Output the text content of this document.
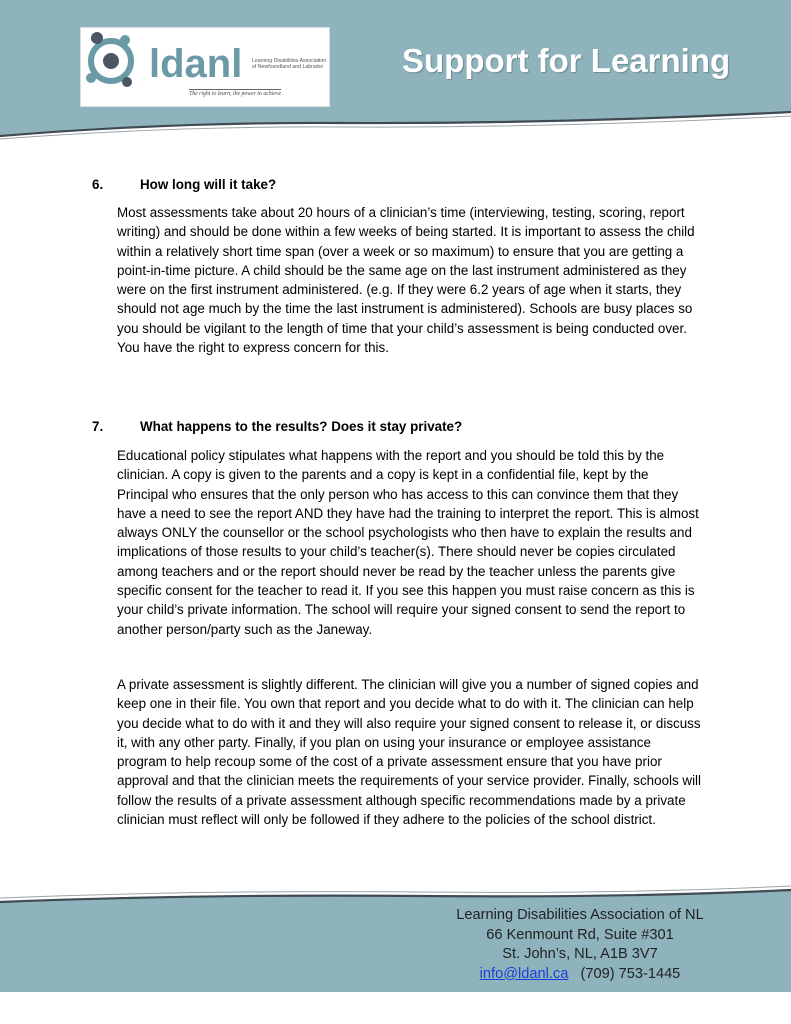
ldanl Learning Disabilities Association of Newfoundland and Labrador
The right to learn, the power to achieve
Support for Learning
6.	How long will it take?

Most assessments take about 20 hours of a clinician’s time (interviewing, testing, scoring, report writing) and should be done within a few weeks of being started. It is important to assess the child within a relatively short time span (over a week or so maximum) to ensure that you are getting a point-in-time picture. A child should be the same age on the last instrument administered as they were on the first instrument administered. (e.g. If they were 6.2 years of age when it starts, they should not age much by the time the last instrument is administered). Schools are busy places so you should be vigilant to the length of time that your child’s assessment is being conducted over. You have the right to express concern for this.

7.	What happens to the results? Does it stay private?

Educational policy stipulates what happens with the report and you should be told this by the clinician. A copy is given to the parents and a copy is kept in a confidential file, kept by the Principal who ensures that the only person who has access to this can convince them that they have a need to see the report AND they have had the training to interpret the report. This is almost always ONLY the counsellor or the school psychologists who then have to explain the results and implications of those results to your child’s teacher(s). There should never be copies circulated among teachers and or the report should never be read by the teacher unless the parents give specific consent for the teacher to read it. If you see this happen you must raise concern as this is your child’s private information. The school will require your signed consent to send the report to another person/party such as the Janeway.

A private assessment is slightly different. The clinician will give you a number of signed copies and keep one in their file. You own that report and you decide what to do with it. The clinician can help you decide what to do with it and they will also require your signed consent to release it, or discuss it, with any other party. Finally, if you plan on using your insurance or employee assistance program to help recoup some of the cost of a private assessment ensure that you have prior approval and that the clinician meets the requirements of your service provider. Finally, schools will follow the results of a private assessment although specific recommendations made by a private clinician must reflect will only be followed if they adhere to the policies of the school district.

Learning Disabilities Association of NL
66 Kenmount Rd, Suite #301
St. John’s, NL, A1B 3V7
info@ldanl.ca (709) 753-1445
